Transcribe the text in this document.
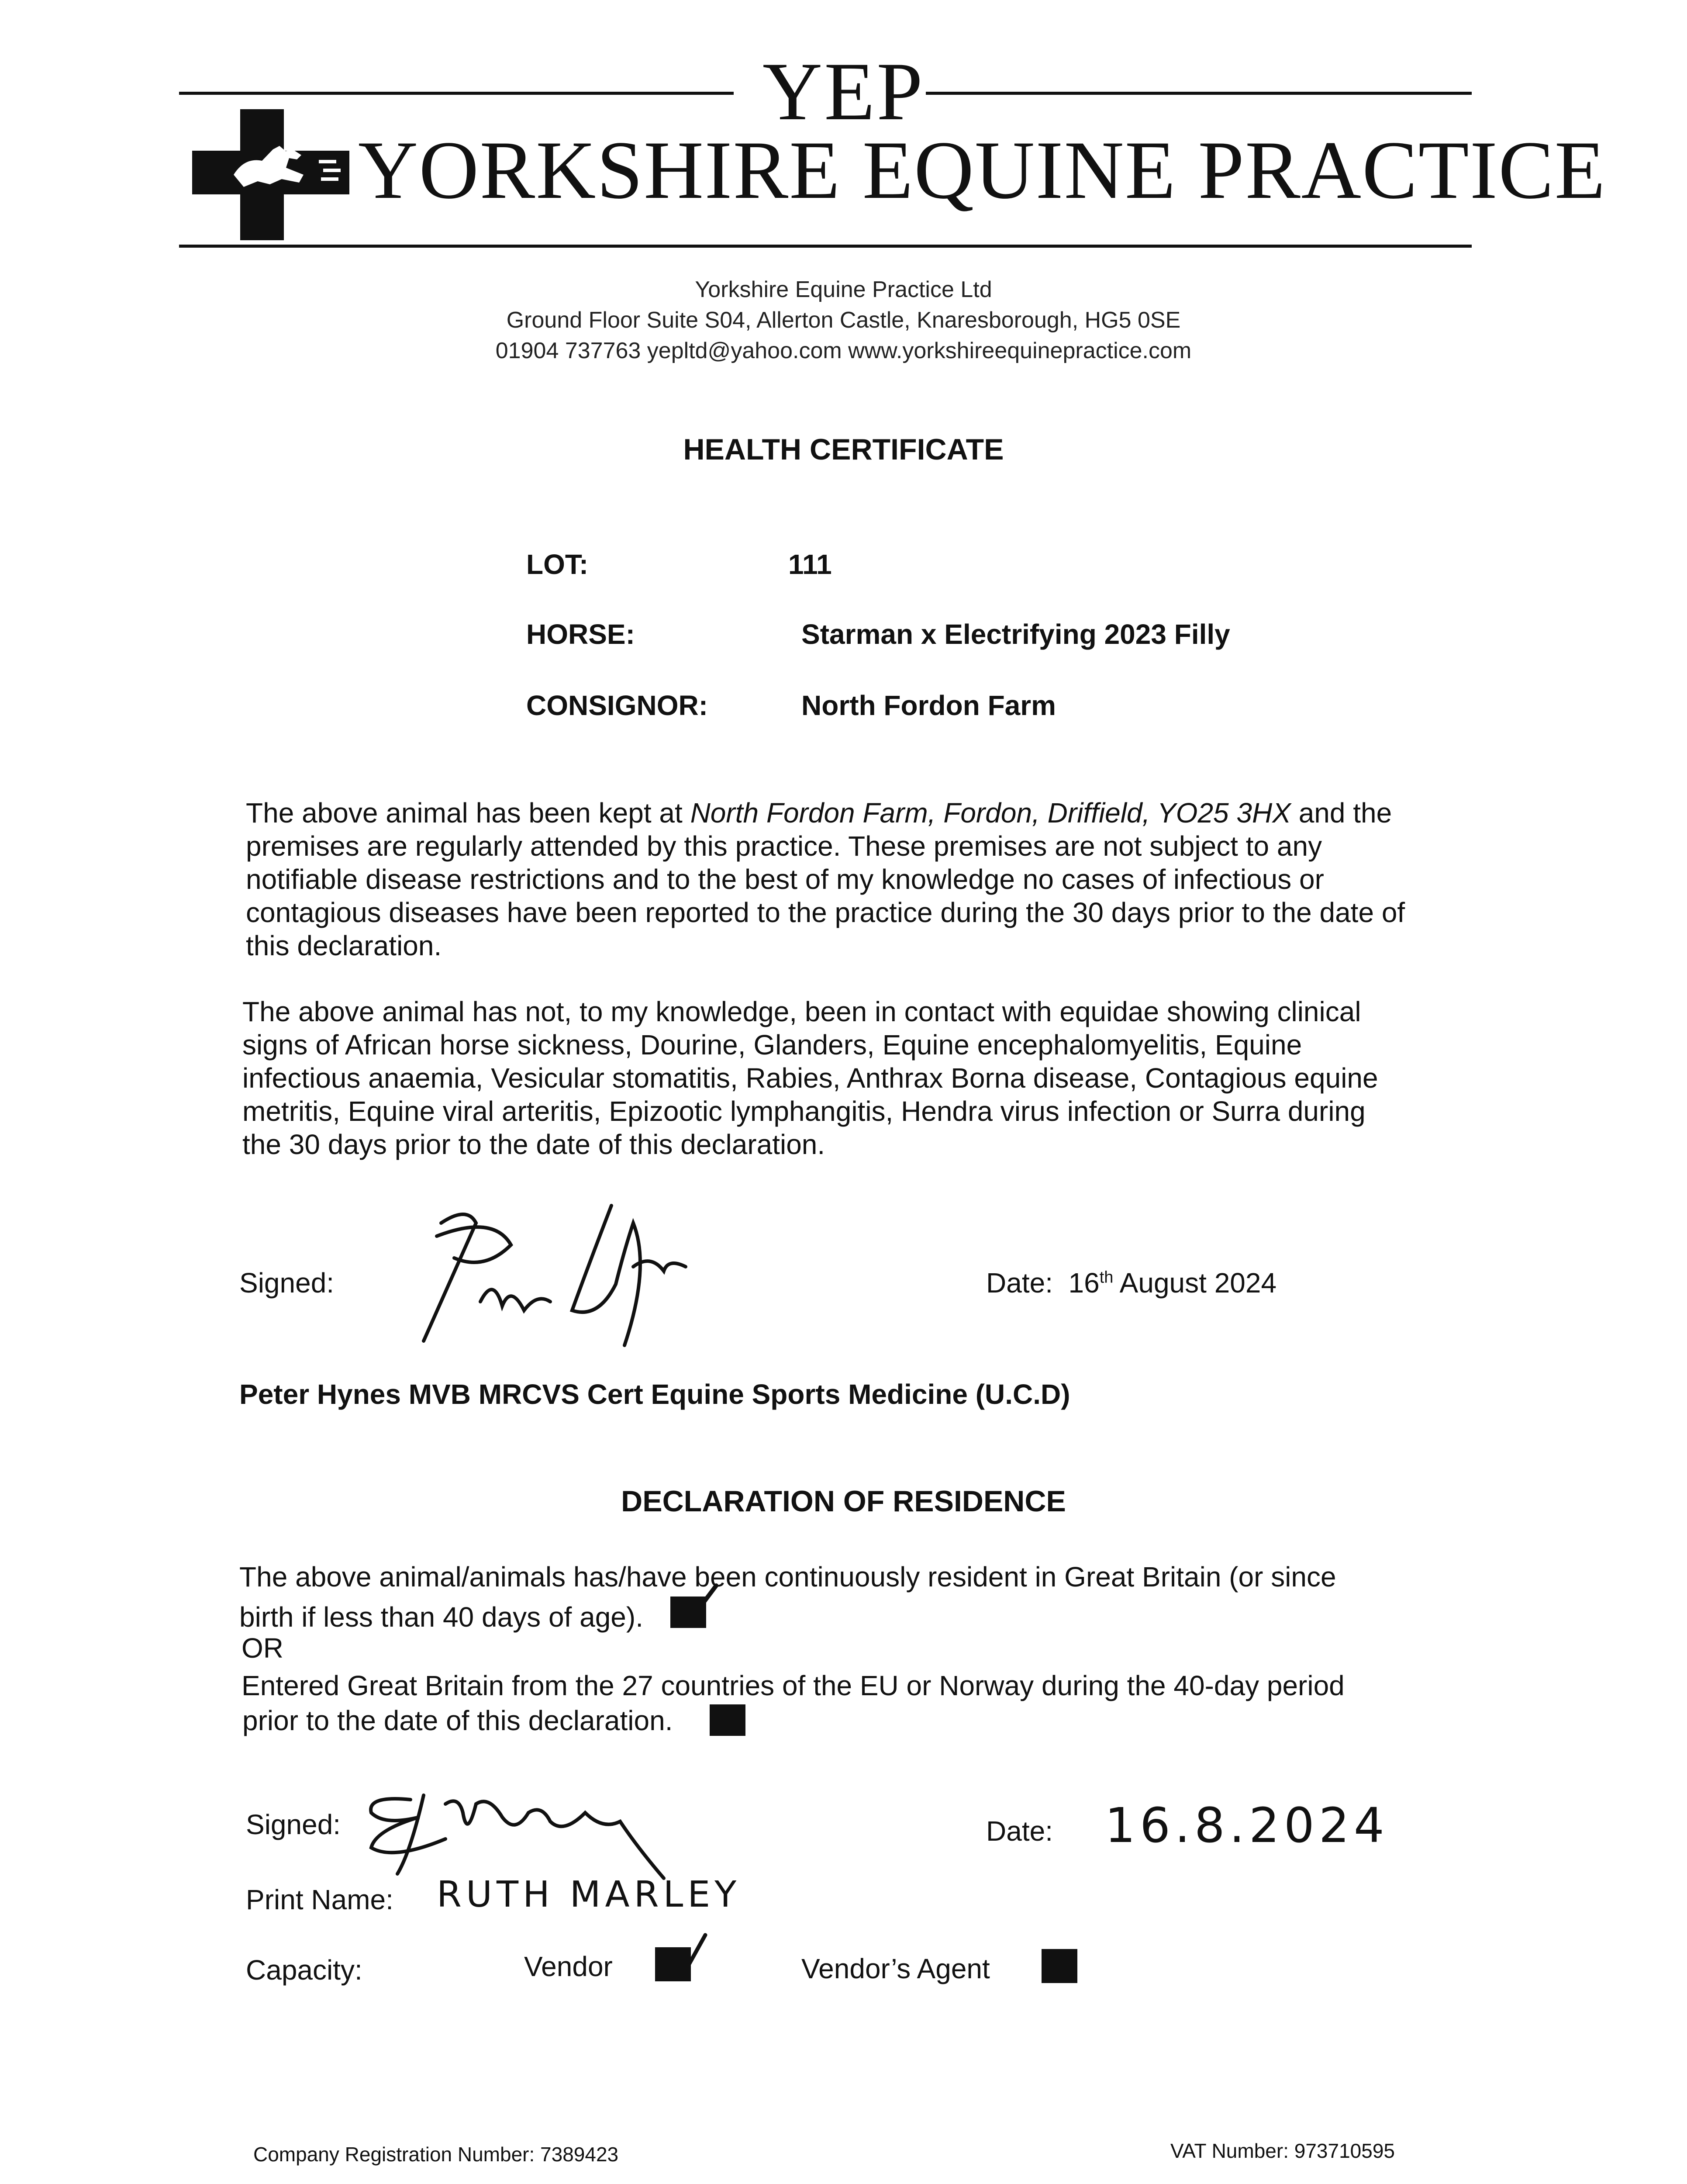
YEP
YORKSHIRE EQUINE PRACTICE
Yorkshire Equine Practice Ltd
Ground Floor Suite S04, Allerton Castle, Knaresborough, HG5 0SE
01904 737763 yepltd@yahoo.com www.yorkshireequinepractice.com
HEALTH CERTIFICATE
LOT:	111
HORSE:	Starman x Electrifying 2023 Filly
CONSIGNOR:	North Fordon Farm
The above animal has been kept at North Fordon Farm, Fordon, Driffield, YO25 3HX and the
premises are regularly attended by this practice. These premises are not subject to any
notifiable disease restrictions and to the best of my knowledge no cases of infectious or
contagious diseases have been reported to the practice during the 30 days prior to the date of
this declaration.
The above animal has not, to my knowledge, been in contact with equidae showing clinical
signs of African horse sickness, Dourine, Glanders, Equine encephalomyelitis, Equine
infectious anaemia, Vesicular stomatitis, Rabies, Anthrax Borna disease, Contagious equine
metritis, Equine viral arteritis, Epizootic lymphangitis, Hendra virus infection or Surra during
the 30 days prior to the date of this declaration.
Signed:	Date: 16th August 2024
Peter Hynes MVB MRCVS Cert Equine Sports Medicine (U.C.D)
DECLARATION OF RESIDENCE
The above animal/animals has/have been continuously resident in Great Britain (or since
birth if less than 40 days of age).
OR
Entered Great Britain from the 27 countries of the EU or Norway during the 40-day period
prior to the date of this declaration.
Signed:	Date: 16.8.2024
Print Name: RUTH MARLEY
Capacity:	Vendor	Vendor’s Agent
Company Registration Number: 7389423	VAT Number: 973710595
